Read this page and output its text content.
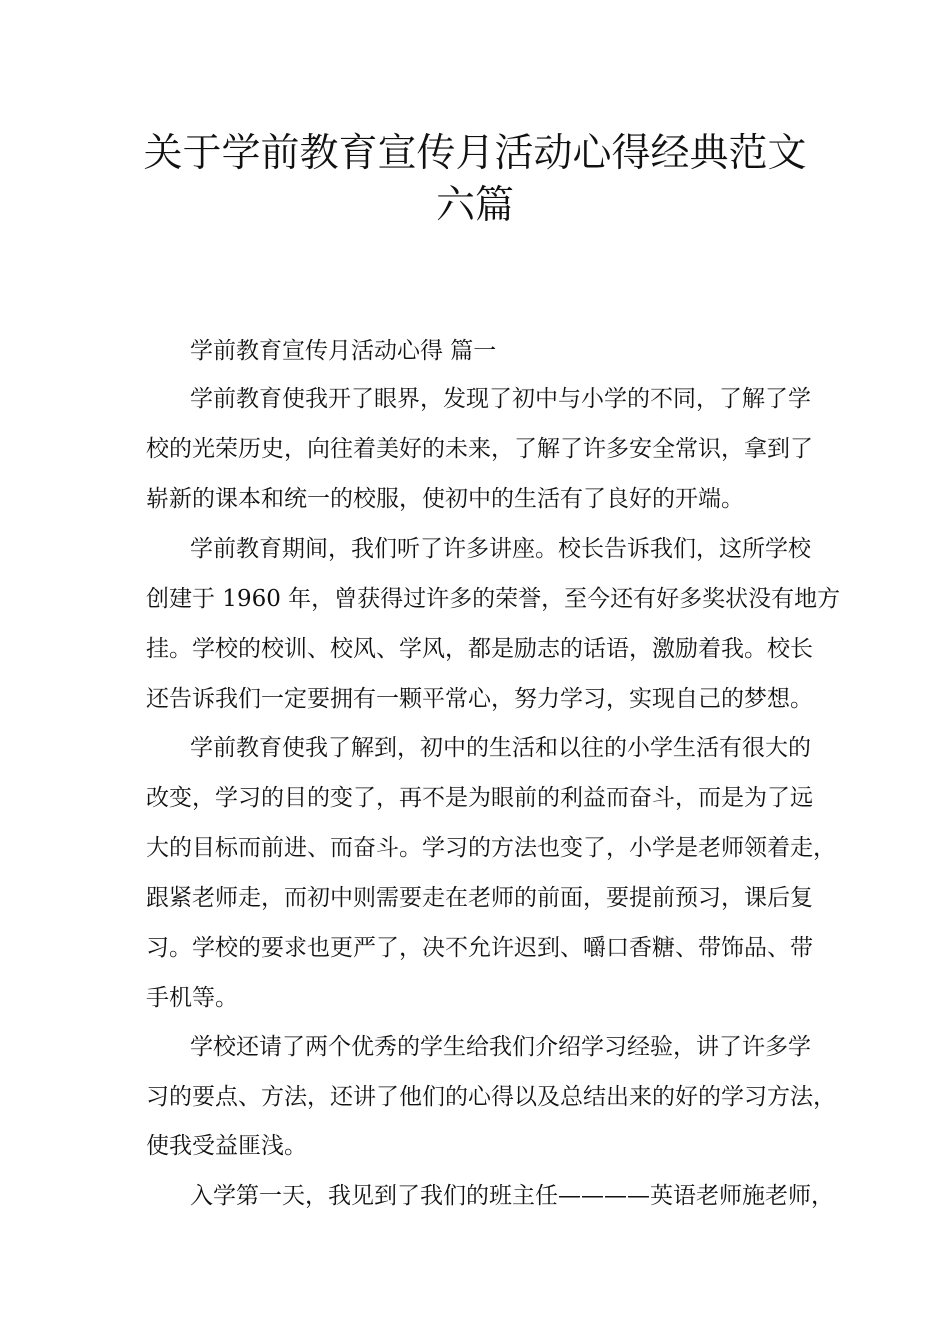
关于学前教育宣传月活动心得经典范文
六篇

学前教育宣传月活动心得 篇一

学前教育使我开了眼界，发现了初中与小学的不同，了解了学

校的光荣历史，向往着美好的未来，了解了许多安全常识，拿到了

崭新的课本和统一的校服，使初中的生活有了良好的开端。

学前教育期间，我们听了许多讲座。校长告诉我们，这所学校

创建于 1960 年，曾获得过许多的荣誉，至今还有好多奖状没有地方

挂。学校的校训、校风、学风，都是励志的话语，激励着我。校长

还告诉我们一定要拥有一颗平常心，努力学习，实现自己的梦想。

学前教育使我了解到，初中的生活和以往的小学生活有很大的

改变，学习的目的变了，再不是为眼前的利益而奋斗，而是为了远

大的目标而前进、而奋斗。学习的方法也变了，小学是老师领着走，

跟紧老师走，而初中则需要走在老师的前面，要提前预习，课后复

习。学校的要求也更严了，决不允许迟到、嚼口香糖、带饰品、带

手机等。

学校还请了两个优秀的学生给我们介绍学习经验，讲了许多学

习的要点、方法，还讲了他们的心得以及总结出来的好的学习方法，

使我受益匪浅。

入学第一天，我见到了我们的班主任————英语老师施老师，
